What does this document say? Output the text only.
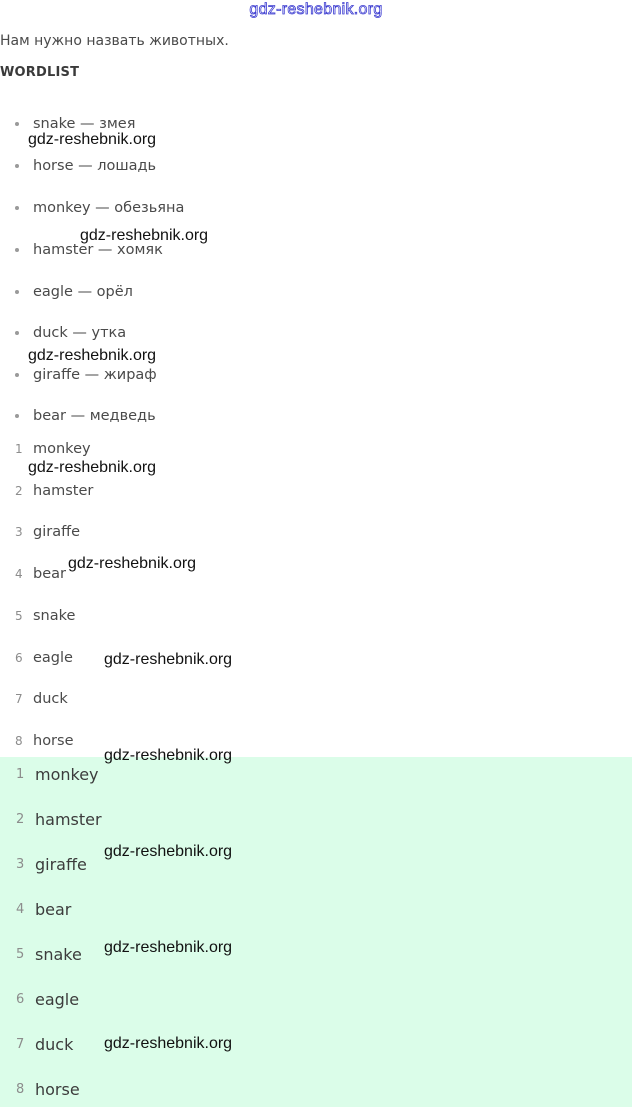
gdz-reshebnik.org
Нам нужно назвать животных.
WORDLIST
snake — змея
horse — лошадь
monkey — обезьяна
hamster — хомяк
eagle — орёл
duck — утка
giraffe — жираф
bear — медведь
1 monkey
2 hamster
3 giraffe
4 bear
5 snake
6 eagle
7 duck
8 horse
1 monkey
2 hamster
3 giraffe
4 bear
5 snake
6 eagle
7 duck
8 horse
gdz-reshebnik.org
gdz-reshebnik.org
gdz-reshebnik.org
gdz-reshebnik.org
gdz-reshebnik.org
gdz-reshebnik.org
gdz-reshebnik.org
gdz-reshebnik.org
gdz-reshebnik.org
gdz-reshebnik.org
